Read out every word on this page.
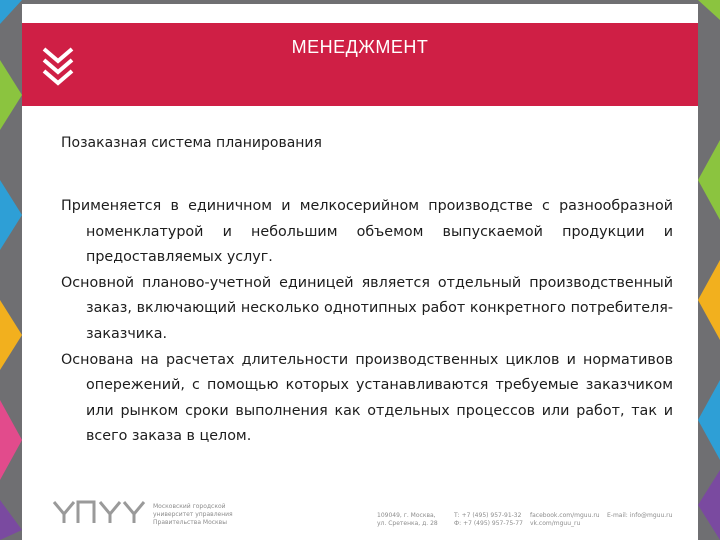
МЕНЕДЖМЕНТ
Позаказная система планирования

Применяется в единичном и мелкосерийном производстве с разнообразной номенклатурой и небольшим объемом выпускаемой продукции и предоставляемых услуг.

Основной планово-учетной единицей является отдельный производственный заказ, включающий несколько однотипных работ конкретного потребителя-заказчика.

Основана на расчетах длительности производственных циклов и нормативов опережений, с помощью которых устанавливаются требуемые заказчиком или рынком сроки выполнения как отдельных процессов или работ, так и всего заказа в целом.

Московский городской
университет управления
Правительства Москвы
109049, г. Москва,
ул. Сретенка, д. 28
Т: +7 (495) 957-91-32
Ф: +7 (495) 957-75-77
facebook.com/mguu.ru
vk.com/mguu_ru
E-mail: info@mguu.ru
